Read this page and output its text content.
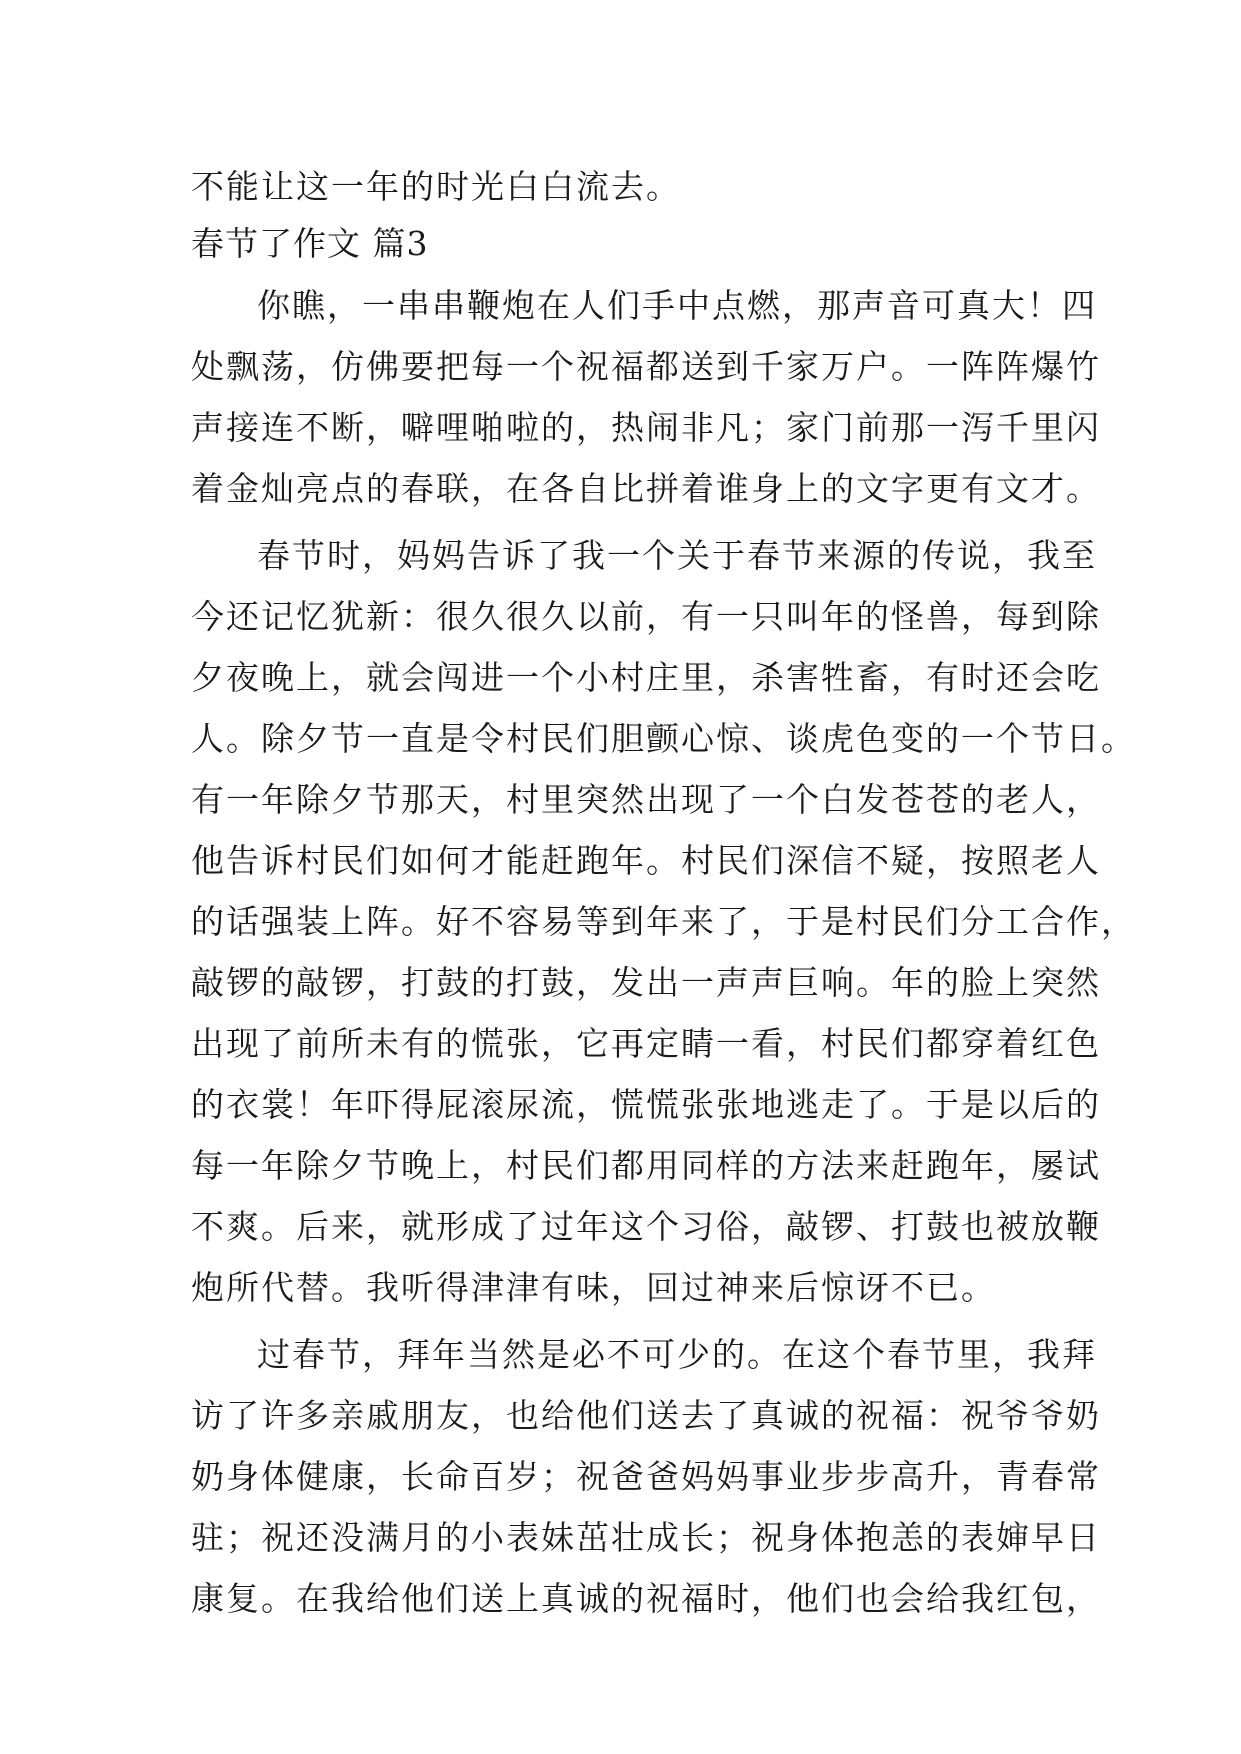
不能让这一年的时光白白流去。
春节了作文 篇3
你瞧，一串串鞭炮在人们手中点燃，那声音可真大！四
处飘荡，仿佛要把每一个祝福都送到千家万户。一阵阵爆竹
声接连不断，噼哩啪啦的，热闹非凡；家门前那一泻千里闪
着金灿亮点的春联，在各自比拼着谁身上的文字更有文才。
春节时，妈妈告诉了我一个关于春节来源的传说，我至
今还记忆犹新：很久很久以前，有一只叫年的怪兽，每到除
夕夜晚上，就会闯进一个小村庄里，杀害牲畜，有时还会吃
人。除夕节一直是令村民们胆颤心惊、谈虎色变的一个节日。
有一年除夕节那天，村里突然出现了一个白发苍苍的老人，
他告诉村民们如何才能赶跑年。村民们深信不疑，按照老人
的话强装上阵。好不容易等到年来了，于是村民们分工合作，
敲锣的敲锣，打鼓的打鼓，发出一声声巨响。年的脸上突然
出现了前所未有的慌张，它再定睛一看，村民们都穿着红色
的衣裳！年吓得屁滚尿流，慌慌张张地逃走了。于是以后的
每一年除夕节晚上，村民们都用同样的方法来赶跑年，屡试
不爽。后来，就形成了过年这个习俗，敲锣、打鼓也被放鞭
炮所代替。我听得津津有味，回过神来后惊讶不已。
过春节，拜年当然是必不可少的。在这个春节里，我拜
访了许多亲戚朋友，也给他们送去了真诚的祝福：祝爷爷奶
奶身体健康，长命百岁；祝爸爸妈妈事业步步高升，青春常
驻；祝还没满月的小表妹茁壮成长；祝身体抱恙的表婶早日
康复。在我给他们送上真诚的祝福时，他们也会给我红包，
